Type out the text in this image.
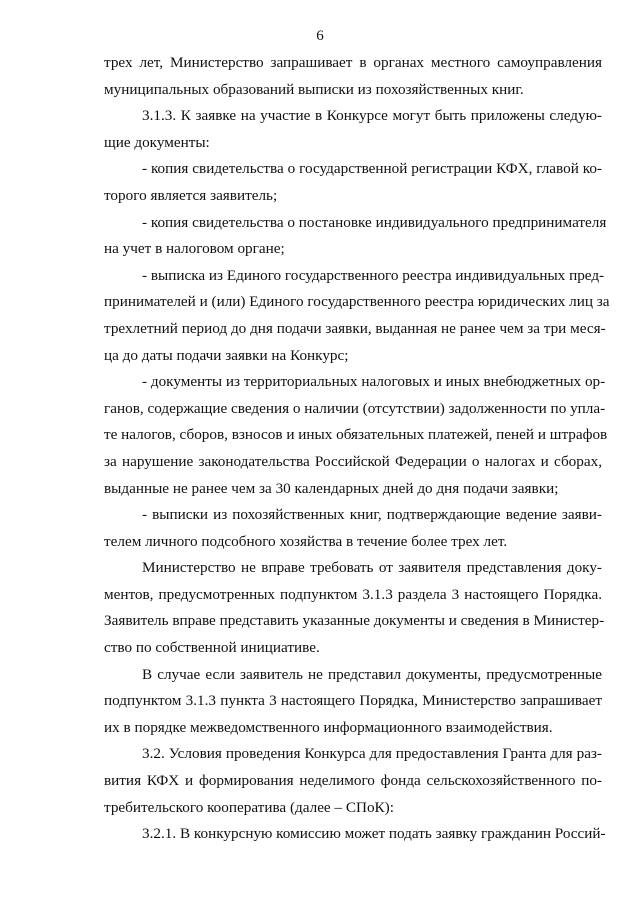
6
трех лет, Министерство запрашивает в органах местного самоуправления
муниципальных образований выписки из похозяйственных книг.
3.1.3. К заявке на участие в Конкурсе могут быть приложены следую-
щие документы:
- копия свидетельства о государственной регистрации КФХ, главой ко-
торого является заявитель;
- копия свидетельства о постановке индивидуального предпринимателя
на учет в налоговом органе;
- выписка из Единого государственного реестра индивидуальных пред-
принимателей и (или) Единого государственного реестра юридических лиц за
трехлетний период до дня подачи заявки, выданная не ранее чем за три меся-
ца до даты подачи заявки на Конкурс;
- документы из территориальных налоговых и иных внебюджетных ор-
ганов, содержащие сведения о наличии (отсутствии) задолженности по упла-
те налогов, сборов, взносов и иных обязательных платежей, пеней и штрафов
за нарушение законодательства Российской Федерации о налогах и сборах,
выданные не ранее чем за 30 календарных дней до дня подачи заявки;
- выписки из похозяйственных книг, подтверждающие ведение заяви-
телем личного подсобного хозяйства в течение более трех лет.
Министерство не вправе требовать от заявителя представления доку-
ментов, предусмотренных подпунктом 3.1.3 раздела 3 настоящего Порядка.
Заявитель вправе представить указанные документы и сведения в Министер-
ство по собственной инициативе.
В случае если заявитель не представил документы, предусмотренные
подпунктом 3.1.3 пункта 3 настоящего Порядка, Министерство запрашивает
их в порядке межведомственного информационного взаимодействия.
3.2. Условия проведения Конкурса для предоставления Гранта для раз-
вития КФХ и формирования неделимого фонда сельскохозяйственного по-
требительского кооператива (далее – СПоК):
3.2.1. В конкурсную комиссию может подать заявку гражданин Россий-
